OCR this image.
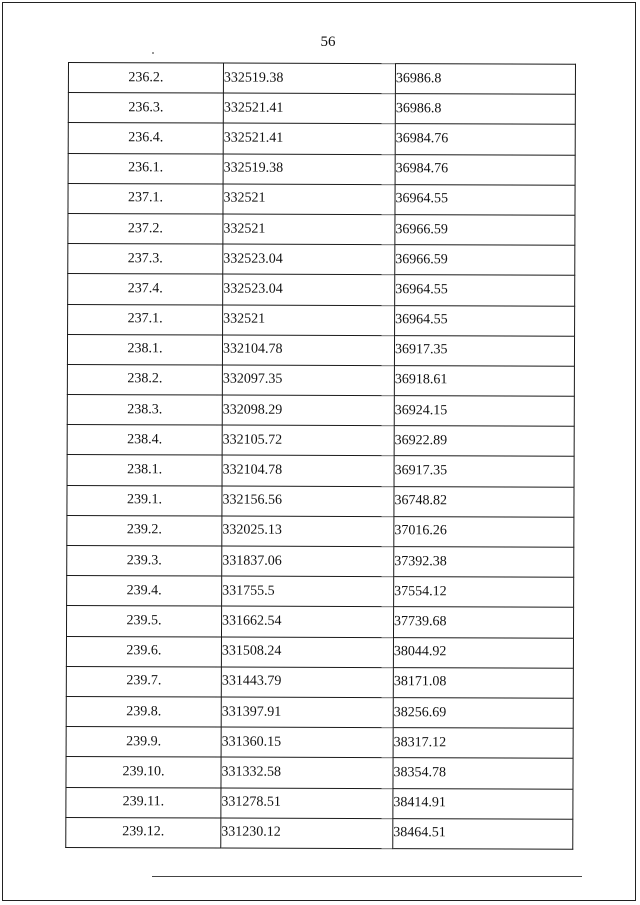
56
236.2.	332519.38	36986.8
236.3.	332521.41	36986.8
236.4.	332521.41	36984.76
236.1.	332519.38	36984.76
237.1.	332521	36964.55
237.2.	332521	36966.59
237.3.	332523.04	36966.59
237.4.	332523.04	36964.55
237.1.	332521	36964.55
238.1.	332104.78	36917.35
238.2.	332097.35	36918.61
238.3.	332098.29	36924.15
238.4.	332105.72	36922.89
238.1.	332104.78	36917.35
239.1.	332156.56	36748.82
239.2.	332025.13	37016.26
239.3.	331837.06	37392.38
239.4.	331755.5	37554.12
239.5.	331662.54	37739.68
239.6.	331508.24	38044.92
239.7.	331443.79	38171.08
239.8.	331397.91	38256.69
239.9.	331360.15	38317.12
239.10.	331332.58	38354.78
239.11.	331278.51	38414.91
239.12.	331230.12	38464.51
